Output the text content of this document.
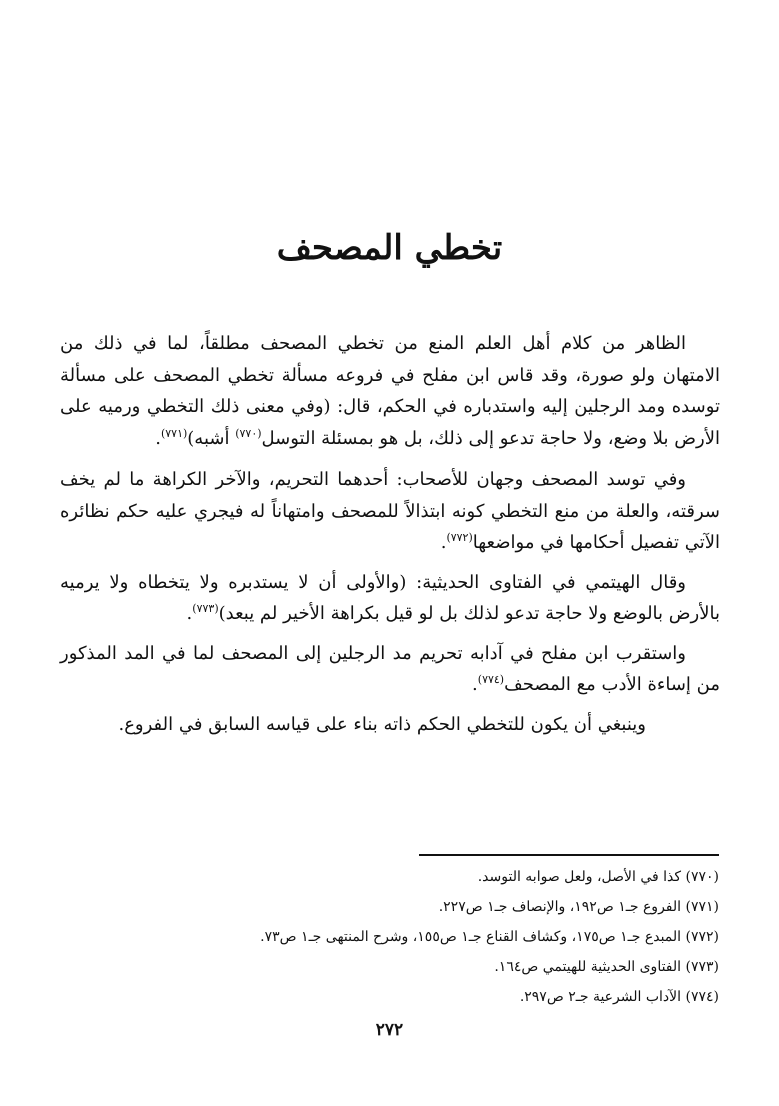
تخطي المصحف

الظاهر من كلام أهل العلم المنع من تخطي المصحف مطلقاً، لما في ذلك من الامتهان ولو صورة، وقد قاس ابن مفلح في فروعه مسألة تخطي المصحف على مسألة توسده ومد الرجلين إليه واستدباره في الحكم، قال: (وفي معنى ذلك التخطي ورميه على الأرض بلا وضع، ولا حاجة تدعو إلى ذلك، بل هو بمسئلة التوسل$^{(٧٧٠)}$ أشبه)$^{(٧٧١)}$.

وفي توسد المصحف وجهان للأصحاب: أحدهما التحريم، والآخر الكراهة ما لم يخف سرقته، والعلة من منع التخطي كونه ابتذالاً للمصحف وامتهاناً له فيجري عليه حكم نظائره الآتي تفصيل أحكامها في مواضعها$^{(٧٧٢)}$.

وقال الهيتمي في الفتاوى الحديثية: (والأولى أن لا يستدبره ولا يتخطاه ولا يرميه بالأرض بالوضع ولا حاجة تدعو لذلك بل لو قيل بكراهة الأخير لم يبعد)$^{(٧٧٣)}$.

واستقرب ابن مفلح في آدابه تحريم مد الرجلين إلى المصحف لما في المد المذكور من إساءة الأدب مع المصحف$^{(٧٧٤)}$.

وينبغي أن يكون للتخطي الحكم ذاته بناء على قياسه السابق في الفروع.

(٧٧٠) كذا في الأصل، ولعل صوابه التوسد.

(٧٧١) الفروع جـ١ ص١٩٢، والإنصاف جـ١ ص٢٢٧.

(٧٧٢) المبدع جـ١ ص١٧٥، وكشاف القناع جـ١ ص١٥٥، وشرح المنتهى جـ١ ص٧٣.

(٧٧٣) الفتاوى الحديثية للهيتمي ص١٦٤.

(٧٧٤) الآداب الشرعية جـ٢ ص٢٩٧.

٢٧٢
